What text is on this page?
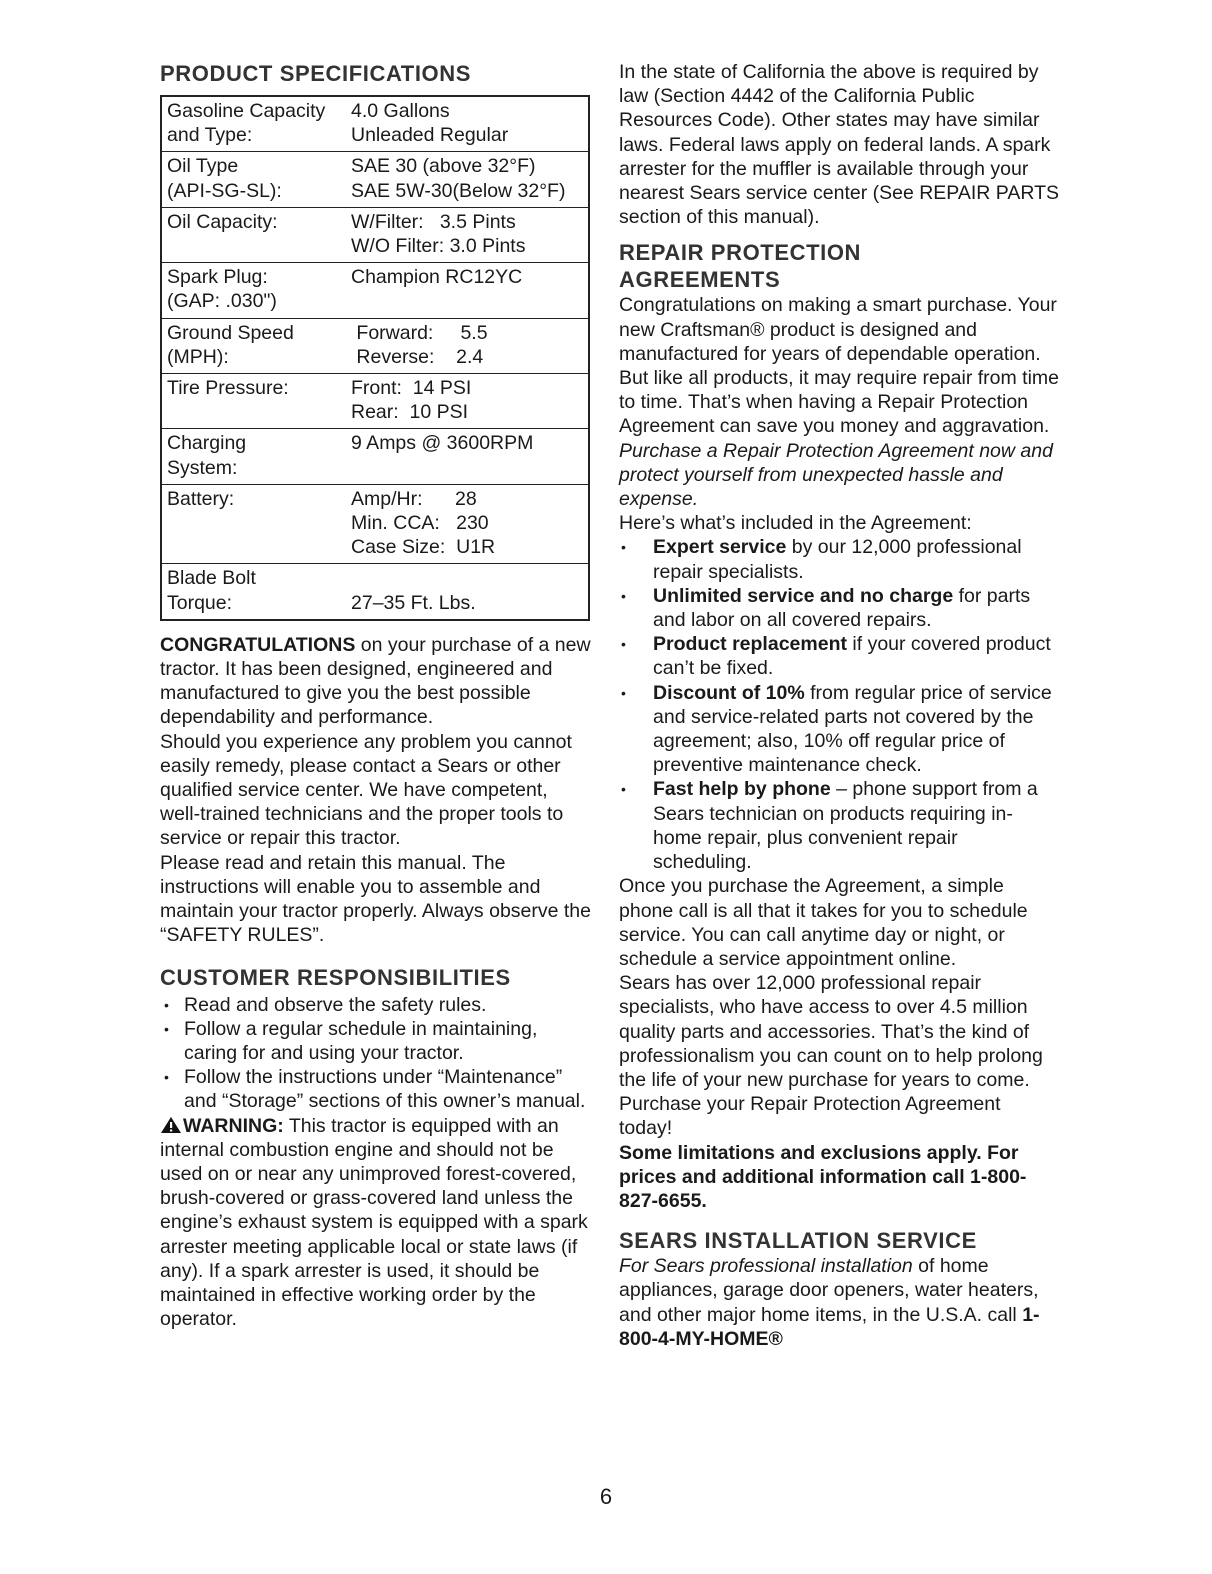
PRODUCT SPECIFICATIONS
Gasoline Capacity
and Type:	4.0 Gallons
Unleaded Regular

Oil Type
(API-SG-SL):	SAE 30 (above 32°F)
SAE 5W-30(Below 32°F)

Oil Capacity:	W/Filter:   3.5 Pints
W/O Filter: 3.0 Pints

Spark Plug:
(GAP: .030")	Champion RC12YC

Ground Speed
(MPH):	Forward:     5.5
Reverse:    2.4

Tire Pressure:	Front:  14 PSI
Rear:  10 PSI

Charging
System:	9 Amps @ 3600RPM

Battery:	Amp/Hr:      28
Min. CCA:   230
Case Size:  U1R

Blade Bolt
Torque:	27–35 Ft. Lbs.

CONGRATULATIONS on your purchase of a new tractor. It has been designed, engineered and manufactured to give you the best possible dependability and performance.

Should you experience any problem you cannot easily remedy, please contact a Sears or other qualified service center. We have competent, well-trained technicians and the proper tools to service or repair this tractor.

Please read and retain this manual. The instructions will enable you to assemble and maintain your tractor properly. Always observe the “SAFETY RULES”.

CUSTOMER RESPONSIBILITIES
• Read and observe the safety rules.
• Follow a regular schedule in maintaining, caring for and using your tractor.
• Follow the instructions under “Maintenance” and “Storage” sections of this owner’s manual.

WARNING: This tractor is equipped with an internal combustion engine and should not be used on or near any unimproved forest-covered, brush-covered or grass-covered land unless the engine’s exhaust system is equipped with a spark arrester meeting applicable local or state laws (if any). If a spark arrester is used, it should be maintained in effective working order by the operator.

In the state of California the above is required by law (Section 4442 of the California Public Resources Code). Other states may have similar laws. Federal laws apply on federal lands. A spark arrester for the muffler is available through your nearest Sears service center (See REPAIR PARTS section of this manual).

REPAIR PROTECTION
AGREEMENTS

Congratulations on making a smart purchase. Your new Craftsman® product is designed and manufactured for years of dependable operation. But like all products, it may require repair from time to time. That’s when having a Repair Protection Agreement can save you money and aggravation.

Purchase a Repair Protection Agreement now and protect yourself from unexpected hassle and expense.

Here’s what’s included in the Agreement:

• Expert service by our 12,000 professional repair specialists.
• Unlimited service and no charge for parts and labor on all covered repairs.
• Product replacement if your covered product can’t be fixed.
• Discount of 10% from regular price of service and service-related parts not covered by the agreement; also, 10% off regular price of preventive maintenance check.
• Fast help by phone – phone support from a Sears technician on products requiring in-home repair, plus convenient repair scheduling.

Once you purchase the Agreement, a simple phone call is all that it takes for you to schedule service. You can call anytime day or night, or schedule a service appointment online.

Sears has over 12,000 professional repair specialists, who have access to over 4.5 million quality parts and accessories. That’s the kind of professionalism you can count on to help prolong the life of your new purchase for years to come. Purchase your Repair Protection Agreement today!

Some limitations and exclusions apply. For prices and additional information call 1-800-827-6655.

SEARS INSTALLATION SERVICE

For Sears professional installation of home appliances, garage door openers, water heaters, and other major home items, in the U.S.A. call 1-800-4-MY-HOME®

6
